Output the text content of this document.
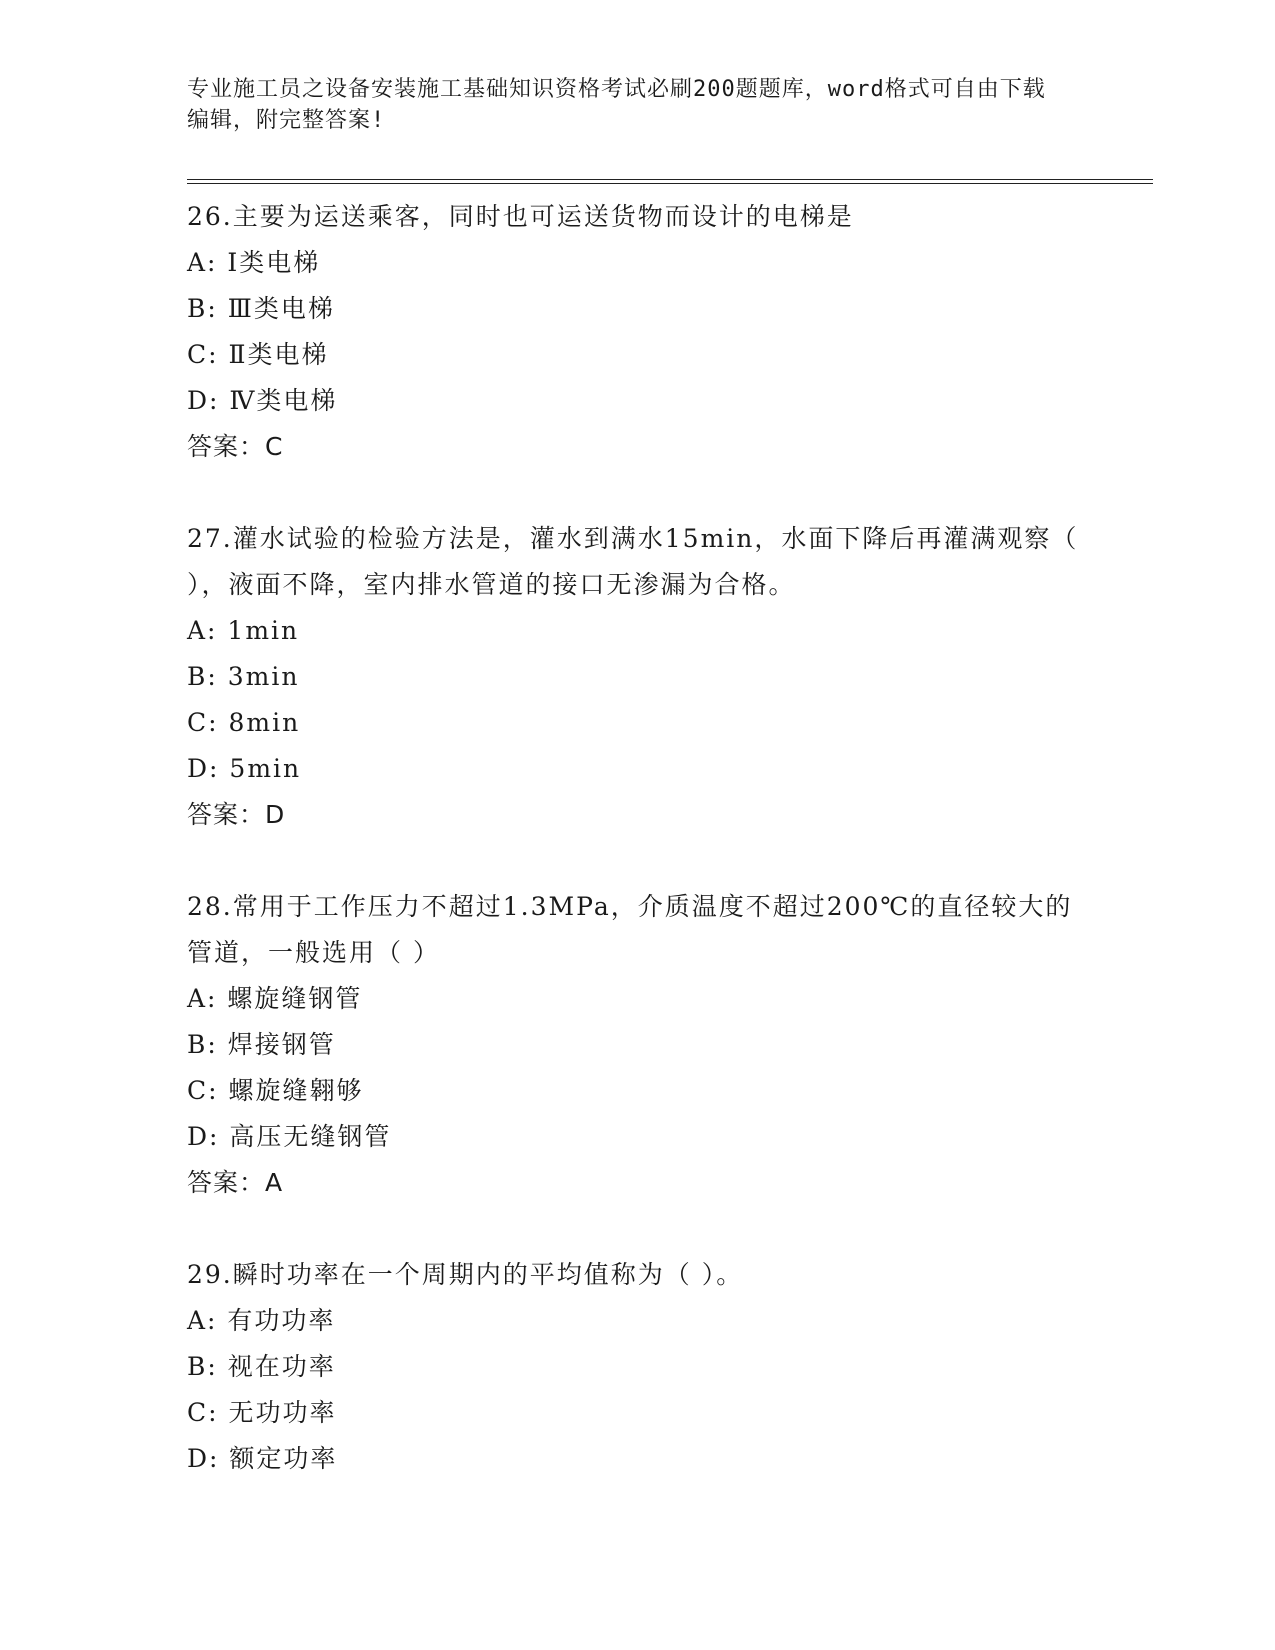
专业施工员之设备安装施工基础知识资格考试必刷200题题库，word格式可自由下载编辑，附完整答案!
26.主要为运送乘客，同时也可运送货物而设计的电梯是
A: Ⅰ类电梯
B: Ⅲ类电梯
C: Ⅱ类电梯
D: Ⅳ类电梯
答案：C
27.灌水试验的检验方法是，灌水到满水15min，水面下降后再灌满观察（ ），液面不降，室内排水管道的接口无渗漏为合格。
A: 1min
B: 3min
C: 8min
D: 5min
答案：D
28.常用于工作压力不超过1.3MPa，介质温度不超过200℃的直径较大的管道，一般选用（ ）
A: 螺旋缝钢管
B: 焊接钢管
C: 螺旋缝翱够
D: 高压无缝钢管
答案：A
29.瞬时功率在一个周期内的平均值称为（ ）。
A: 有功功率
B: 视在功率
C: 无功功率
D: 额定功率
